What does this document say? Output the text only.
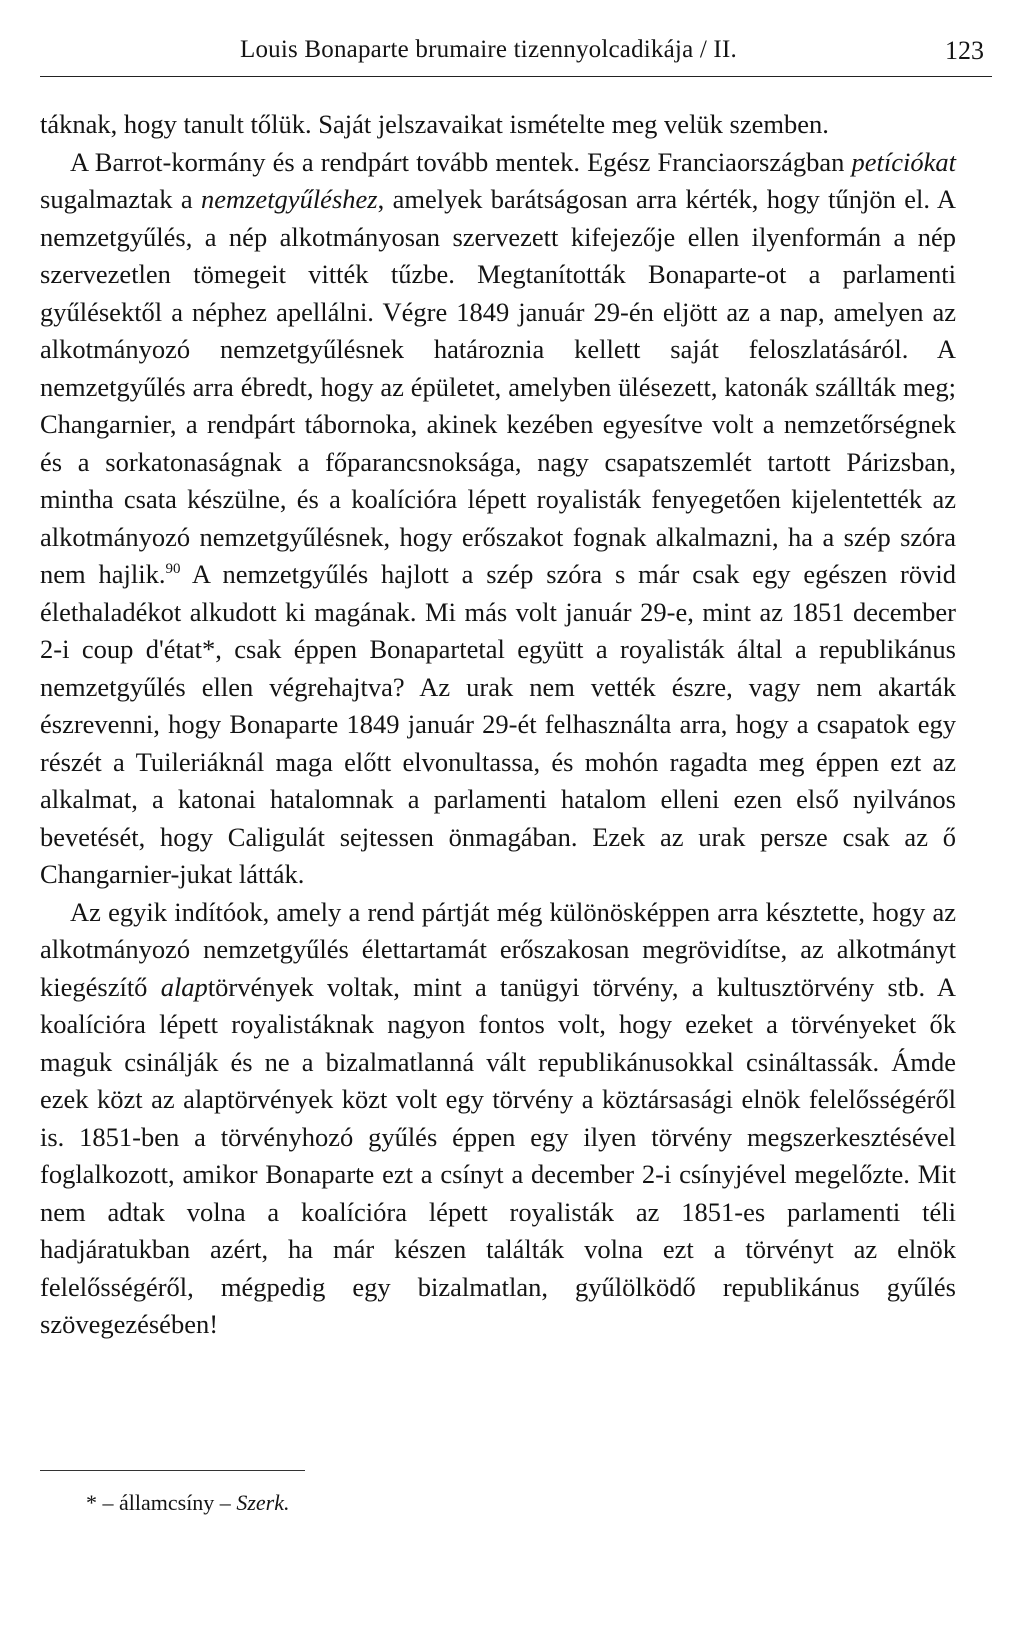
Louis Bonaparte brumaire tizennyolcadikája / II.	123

táknak, hogy tanult tőlük. Saját jelszavaikat ismételte meg velük szemben.

A Barrot-kormány és a rendpárt tovább mentek. Egész Franciaországban petíciókat sugalmaztak a nemzetgyűléshez, amelyek barátságosan arra kérték, hogy tűnjön el. A nemzetgyűlés, a nép alkotmányosan szervezett kifejezője ellen ilyenformán a nép szervezetlen tömegeit vitték tűzbe. Megtanították Bonaparte-ot a parlamenti gyűlésektől a néphez apellálni. Végre 1849 január 29-én eljött az a nap, amelyen az alkotmányozó nemzetgyűlésnek határoznia kellett saját feloszlatásáról. A nemzetgyűlés arra ébredt, hogy az épületet, amelyben ülésezett, katonák szállták meg; Changarnier, a rendpárt tábornoka, akinek kezében egyesítve volt a nemzetőrségnek és a sorkatonaságnak a főparancsnoksága, nagy csapatszemlét tartott Párizsban, mintha csata készülne, és a koalícióra lépett royalisták fenyegetően kijelentették az alkotmányozó nemzetgyűlésnek, hogy erőszakot fognak alkalmazni, ha a szép szóra nem hajlik.$^{90}$ A nemzetgyűlés hajlott a szép szóra s már csak egy egészen rövid élethaladékot alkudott ki magának. Mi más volt január 29-e, mint az 1851 december 2-i coup d'état*, csak éppen Bonapartetal együtt a royalisták által a republikánus nemzetgyűlés ellen végrehajtva? Az urak nem vették észre, vagy nem akarták észrevenni, hogy Bonaparte 1849 január 29-ét felhasználta arra, hogy a csapatok egy részét a Tuileriáknál maga előtt elvonultassa, és mohón ragadta meg éppen ezt az alkalmat, a katonai hatalomnak a parlamenti hatalom elleni ezen első nyilvános bevetését, hogy Caligulát sejtessen önmagában. Ezek az urak persze csak az ő Changarnier-jukat látták.

Az egyik indítóok, amely a rend pártját még különösképpen arra késztette, hogy az alkotmányozó nemzetgyűlés élettartamát erőszakosan megrövidítse, az alkotmányt kiegészítő alaptörvények voltak, mint a tanügyi törvény, a kultusztörvény stb. A koalícióra lépett royalistáknak nagyon fontos volt, hogy ezeket a törvényeket ők maguk csinálják és ne a bizalmatlanná vált republikánusokkal csináltassák. Ámde ezek közt az alaptörvények közt volt egy törvény a köztársasági elnök felelősségéről is. 1851-ben a törvényhozó gyűlés éppen egy ilyen törvény megszerkesztésével foglalkozott, amikor Bonaparte ezt a csínyt a december 2-i csínyjével megelőzte. Mit nem adtak volna a koalícióra lépett royalisták az 1851-es parlamenti téli hadjáratukban azért, ha már készen találták volna ezt a törvényt az elnök felelősségéről, mégpedig egy bizalmatlan, gyűlölködő republikánus gyűlés szövegezésében!

* – államcsíny – Szerk.
